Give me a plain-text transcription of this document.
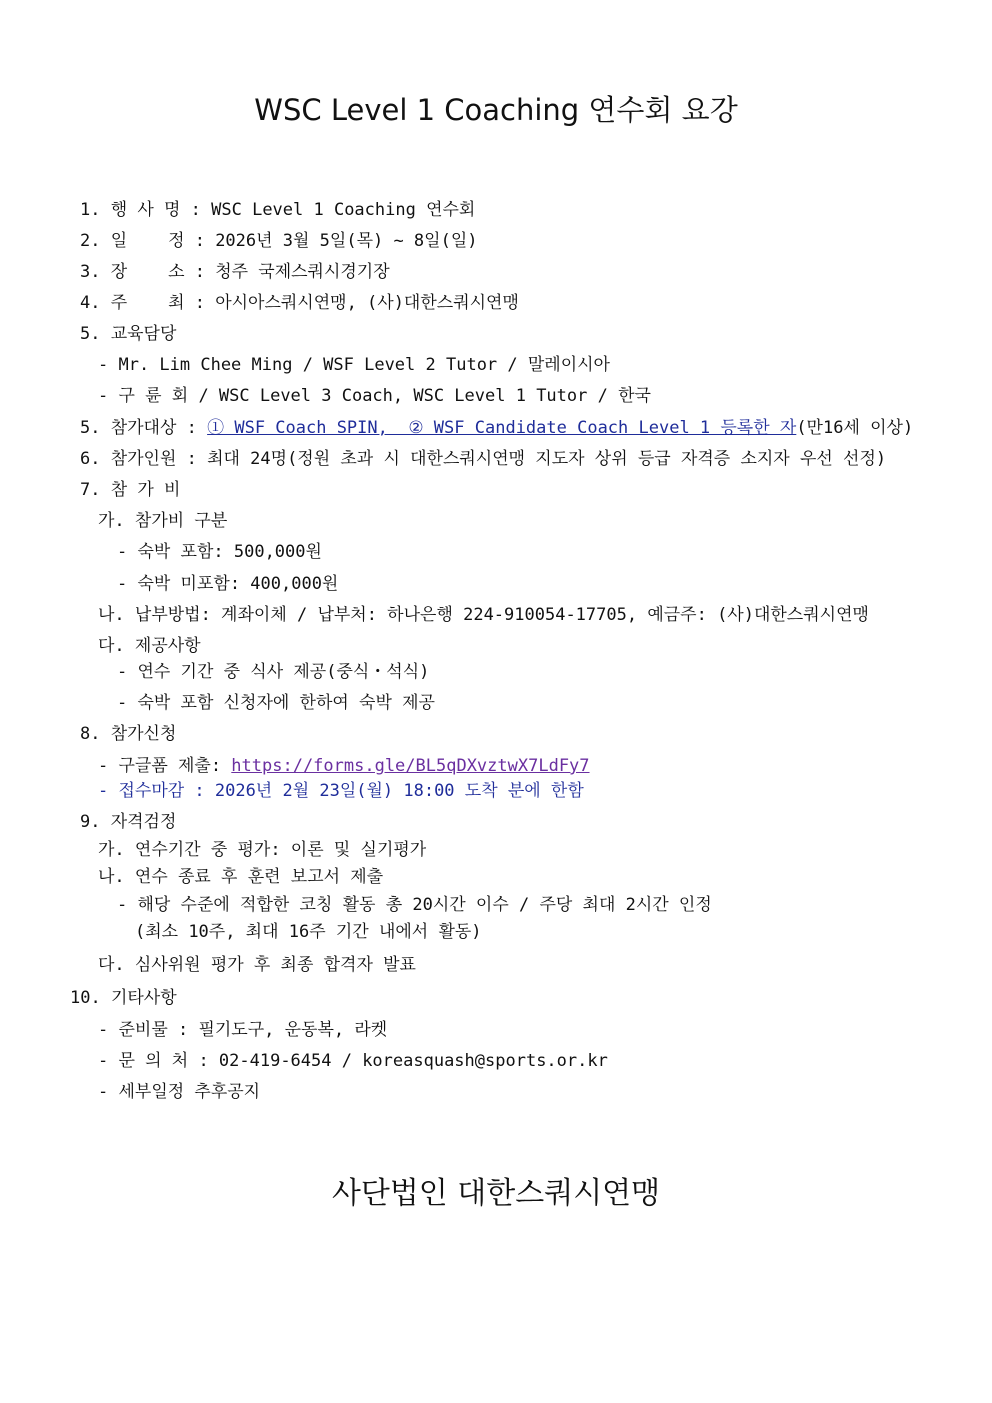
WSC Level 1 Coaching 연수회 요강
1. 행 사 명 : WSC Level 1 Coaching 연수회
2. 일    정 : 2026년 3월 5일(목) ~ 8일(일)
3. 장    소 : 청주 국제스쿼시경기장
4. 주    최 : 아시아스쿼시연맹, (사)대한스쿼시연맹
5. 교육담당
- Mr. Lim Chee Ming / WSF Level 2 Tutor / 말레이시아
- 구 륜 회 / WSC Level 3 Coach, WSC Level 1 Tutor / 한국
5. 참가대상 : ① WSF Coach SPIN,  ② WSF Candidate Coach Level 1 등록한 자(만16세 이상)
6. 참가인원 : 최대 24명(정원 초과 시 대한스쿼시연맹 지도자 상위 등급 자격증 소지자 우선 선정)
7. 참 가 비
가. 참가비 구분
- 숙박 포함: 500,000원
- 숙박 미포함: 400,000원
나. 납부방법: 계좌이체 / 납부처: 하나은행 224-910054-17705, 예금주: (사)대한스쿼시연맹
다. 제공사항
- 연수 기간 중 식사 제공(중식・석식)
- 숙박 포함 신청자에 한하여 숙박 제공
8. 참가신청
- 구글폼 제출: https://forms.gle/BL5qDXvztwX7LdFy7
- 접수마감 : 2026년 2월 23일(월) 18:00 도착 분에 한함
9. 자격검정
가. 연수기간 중 평가: 이론 및 실기평가
나. 연수 종료 후 훈련 보고서 제출
- 해당 수준에 적합한 코칭 활동 총 20시간 이수 / 주당 최대 2시간 인정
(최소 10주, 최대 16주 기간 내에서 활동)
다. 심사위원 평가 후 최종 합격자 발표
10. 기타사항
- 준비물 : 필기도구, 운동복, 라켓
- 문 의 처 : 02-419-6454 / koreasquash@sports.or.kr
- 세부일정 추후공지
사단법인 대한스쿼시연맹
